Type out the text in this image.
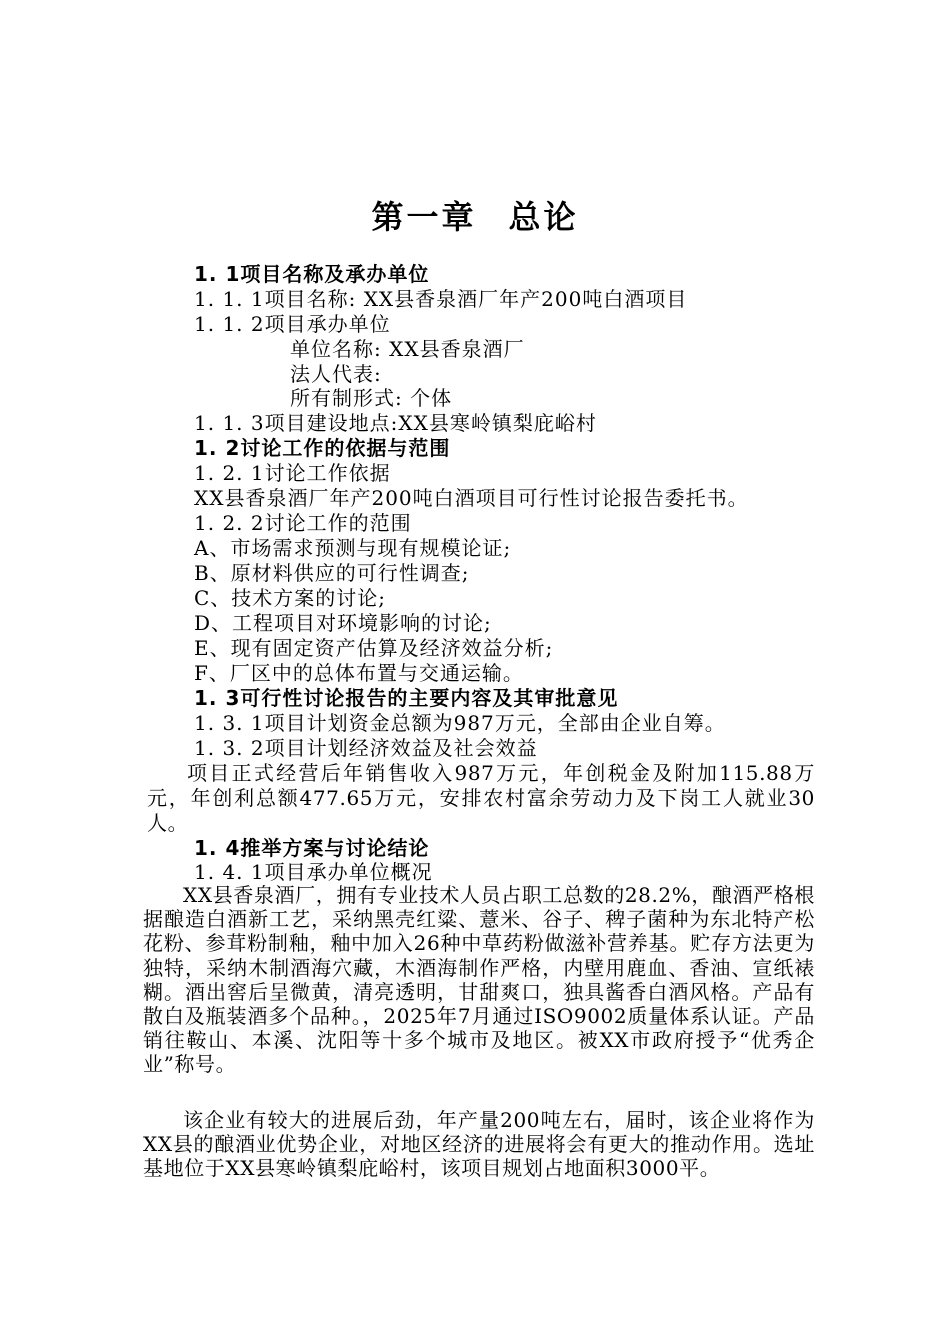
第一章 总论
1. 1项目名称及承办单位
1. 1. 1项目名称: XX县香泉酒厂年产200吨白酒项目
1. 1. 2项目承办单位
单位名称: XX县香泉酒厂
法人代表:
所有制形式: 个体
1. 1. 3项目建设地点:XX县寒岭镇梨庇峪村
1. 2讨论工作的依据与范围
1. 2. 1讨论工作依据
XX县香泉酒厂年产200吨白酒项目可行性讨论报告委托书。
1. 2. 2讨论工作的范围
A、市场需求预测与现有规模论证;
B、原材料供应的可行性调查;
C、技术方案的讨论;
D、工程项目对环境影响的讨论;
E、现有固定资产估算及经济效益分析;
F、厂区中的总体布置与交通运输。
1. 3可行性讨论报告的主要内容及其审批意见
1. 3. 1项目计划资金总额为987万元，全部由企业自筹。
1. 3. 2项目计划经济效益及社会效益
项目正式经营后年销售收入987万元，年创税金及附加115.88万元，年创利总额477.65万元，安排农村富余劳动力及下岗工人就业30人。
1. 4推举方案与讨论结论
1. 4. 1项目承办单位概况
XX县香泉酒厂，拥有专业技术人员占职工总数的28.2%，酿酒严格根据酿造白酒新工艺，采纳黑壳红粱、薏米、谷子、稗子菌种为东北特产松花粉、参茸粉制釉，釉中加入26种中草药粉做滋补营养基。贮存方法更为独特，采纳木制酒海穴藏，木酒海制作严格，内壁用鹿血、香油、宣纸裱糊。酒出窖后呈微黄，清亮透明，甘甜爽口，独具酱香白酒风格。产品有散白及瓶装酒多个品种。，2025年7月通过ISO9002质量体系认证。产品销往鞍山、本溪、沈阳等十多个城市及地区。被XX市政府授予“优秀企业”称号。
该企业有较大的进展后劲，年产量200吨左右，届时，该企业将作为XX县的酿酒业优势企业，对地区经济的进展将会有更大的推动作用。选址基地位于XX县寒岭镇梨庇峪村，该项目规划占地面积3000平。
